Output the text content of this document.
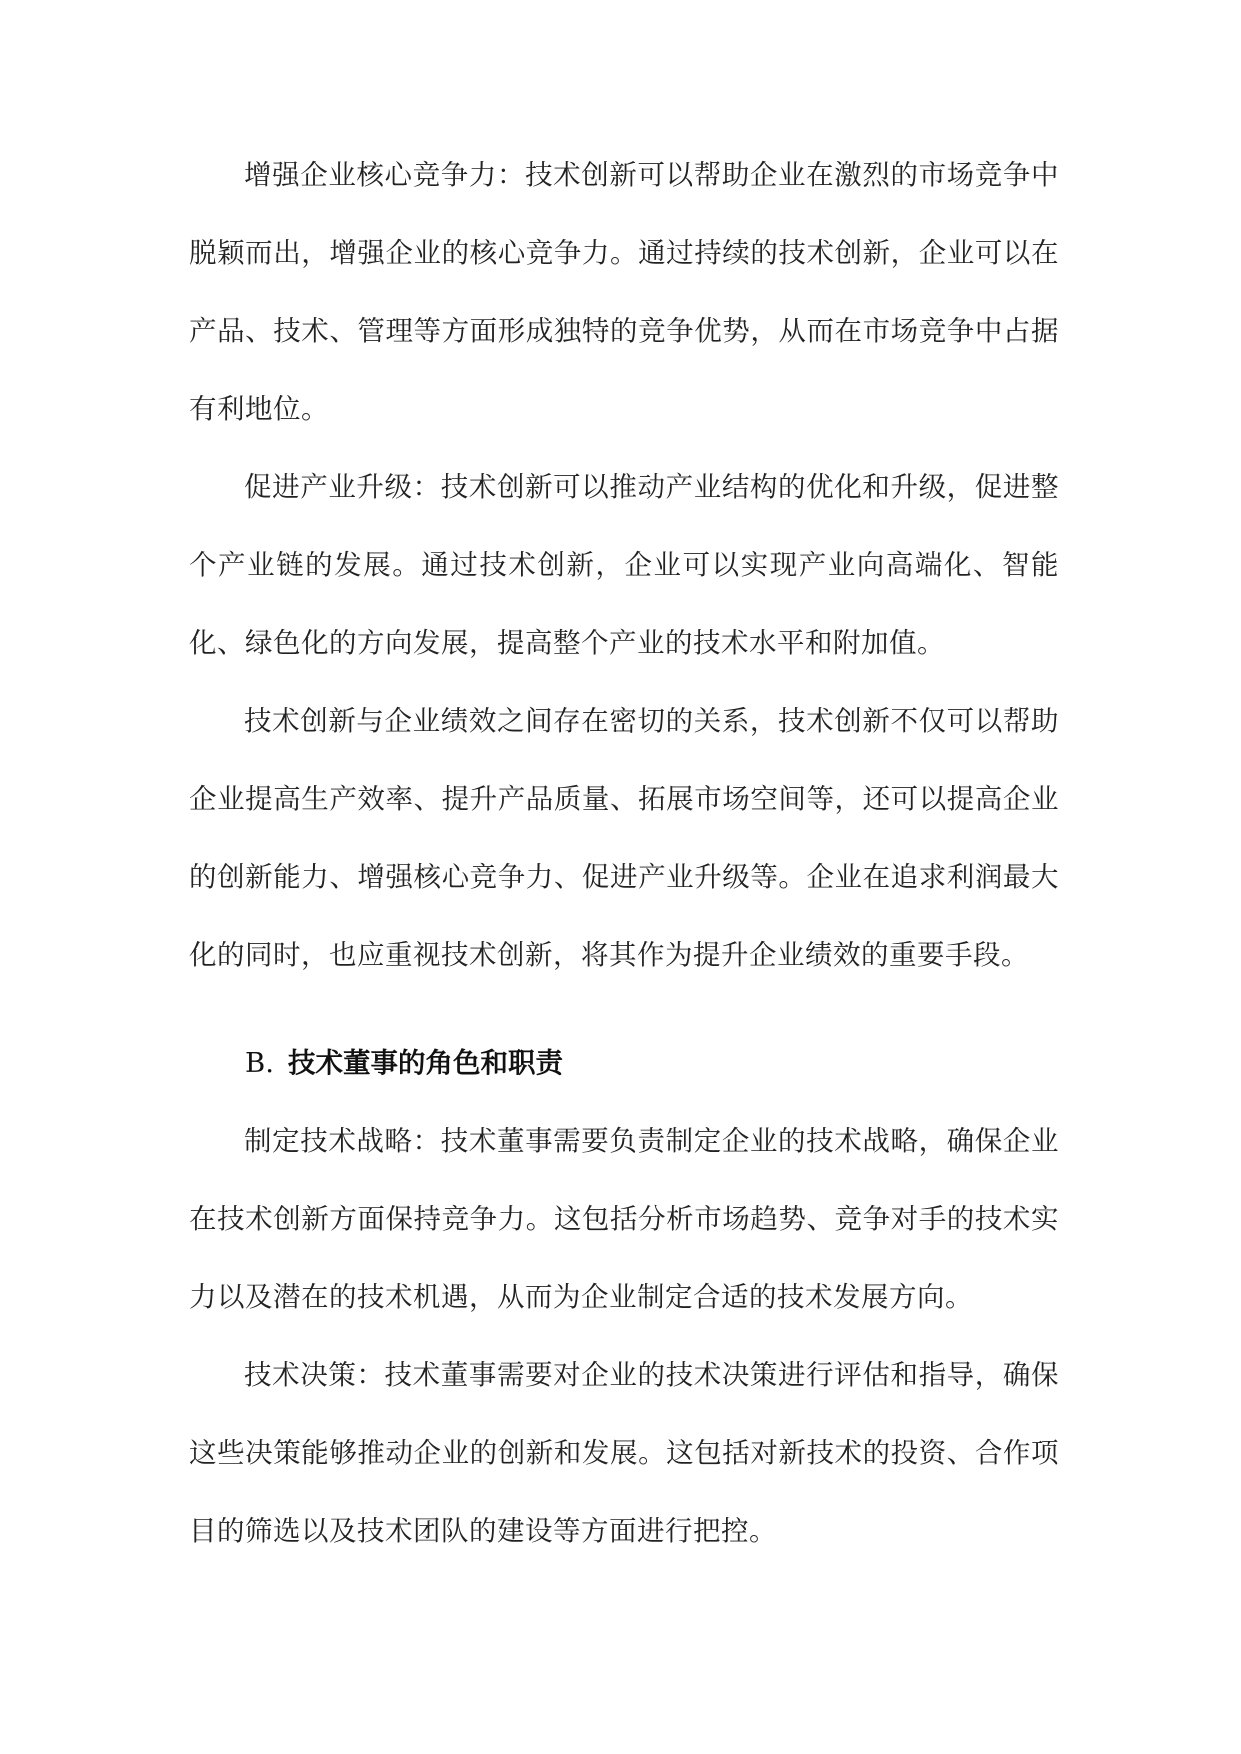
增强企业核心竞争力：技术创新可以帮助企业在激烈的市场竞争中脱颖而出，增强企业的核心竞争力。通过持续的技术创新，企业可以在产品、技术、管理等方面形成独特的竞争优势，从而在市场竞争中占据有利地位。

促进产业升级：技术创新可以推动产业结构的优化和升级，促进整个产业链的发展。通过技术创新，企业可以实现产业向高端化、智能化、绿色化的方向发展，提高整个产业的技术水平和附加值。

技术创新与企业绩效之间存在密切的关系，技术创新不仅可以帮助企业提高生产效率、提升产品质量、拓展市场空间等，还可以提高企业的创新能力、增强核心竞争力、促进产业升级等。企业在追求利润最大化的同时，也应重视技术创新，将其作为提升企业绩效的重要手段。

B. 技术董事的角色和职责

制定技术战略：技术董事需要负责制定企业的技术战略，确保企业在技术创新方面保持竞争力。这包括分析市场趋势、竞争对手的技术实力以及潜在的技术机遇，从而为企业制定合适的技术发展方向。

技术决策：技术董事需要对企业的技术决策进行评估和指导，确保这些决策能够推动企业的创新和发展。这包括对新技术的投资、合作项目的筛选以及技术团队的建设等方面进行把控。
